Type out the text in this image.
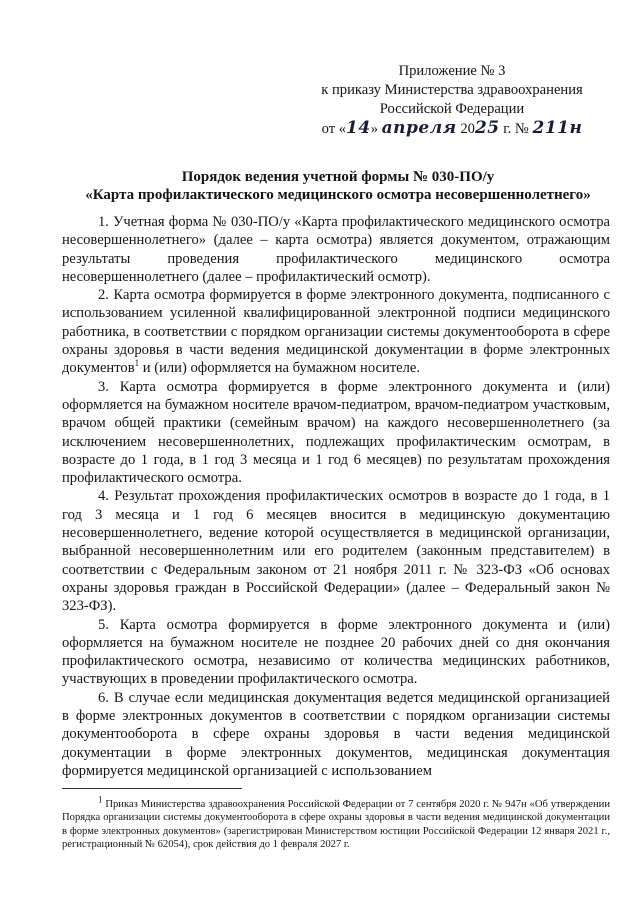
Приложение № 3
к приказу Министерства здравоохранения
Российской Федерации
от «14» апреля 2025 г. № 211н
Порядок ведения учетной формы № 030-ПО/у
«Карта профилактического медицинского осмотра несовершеннолетнего»

1. Учетная форма № 030-ПО/у «Карта профилактического медицинского осмотра несовершеннолетнего» (далее – карта осмотра) является документом, отражающим результаты проведения профилактического медицинского осмотра несовершеннолетнего (далее – профилактический осмотр).

2. Карта осмотра формируется в форме электронного документа, подписанного с использованием усиленной квалифицированной электронной подписи медицинского работника, в соответствии с порядком организации системы документооборота в сфере охраны здоровья в части ведения медицинской документации в форме электронных документов$^1$ и (или) оформляется на бумажном носителе.

3. Карта осмотра формируется в форме электронного документа и (или) оформляется на бумажном носителе врачом-педиатром, врачом-педиатром участковым, врачом общей практики (семейным врачом) на каждого несовершеннолетнего (за исключением несовершеннолетних, подлежащих профилактическим осмотрам, в возрасте до 1 года, в 1 год 3 месяца и 1 год 6 месяцев) по результатам прохождения профилактического осмотра.

4. Результат прохождения профилактических осмотров в возрасте до 1 года, в 1 год 3 месяца и 1 год 6 месяцев вносится в медицинскую документацию несовершеннолетнего, ведение которой осуществляется в медицинской организации, выбранной несовершеннолетним или его родителем (законным представителем) в соответствии с Федеральным законом от 21 ноября 2011 г. № 323-ФЗ «Об основах охраны здоровья граждан в Российской Федерации» (далее – Федеральный закон № 323-ФЗ).

5. Карта осмотра формируется в форме электронного документа и (или) оформляется на бумажном носителе не позднее 20 рабочих дней со дня окончания профилактического осмотра, независимо от количества медицинских работников, участвующих в проведении профилактического осмотра.

6. В случае если медицинская документация ведется медицинской организацией в форме электронных документов в соответствии с порядком организации системы документооборота в сфере охраны здоровья в части ведения медицинской документации в форме электронных документов, медицинская документация формируется медицинской организацией с использованием

$^1$ Приказ Министерства здравоохранения Российской Федерации от 7 сентября 2020 г. № 947н «Об утверждении Порядка организации системы документооборота в сфере охраны здоровья в части ведения медицинской документации в форме электронных документов» (зарегистрирован Министерством юстиции Российской Федерации 12 января 2021 г., регистрационный № 62054), срок действия до 1 февраля 2027 г.
